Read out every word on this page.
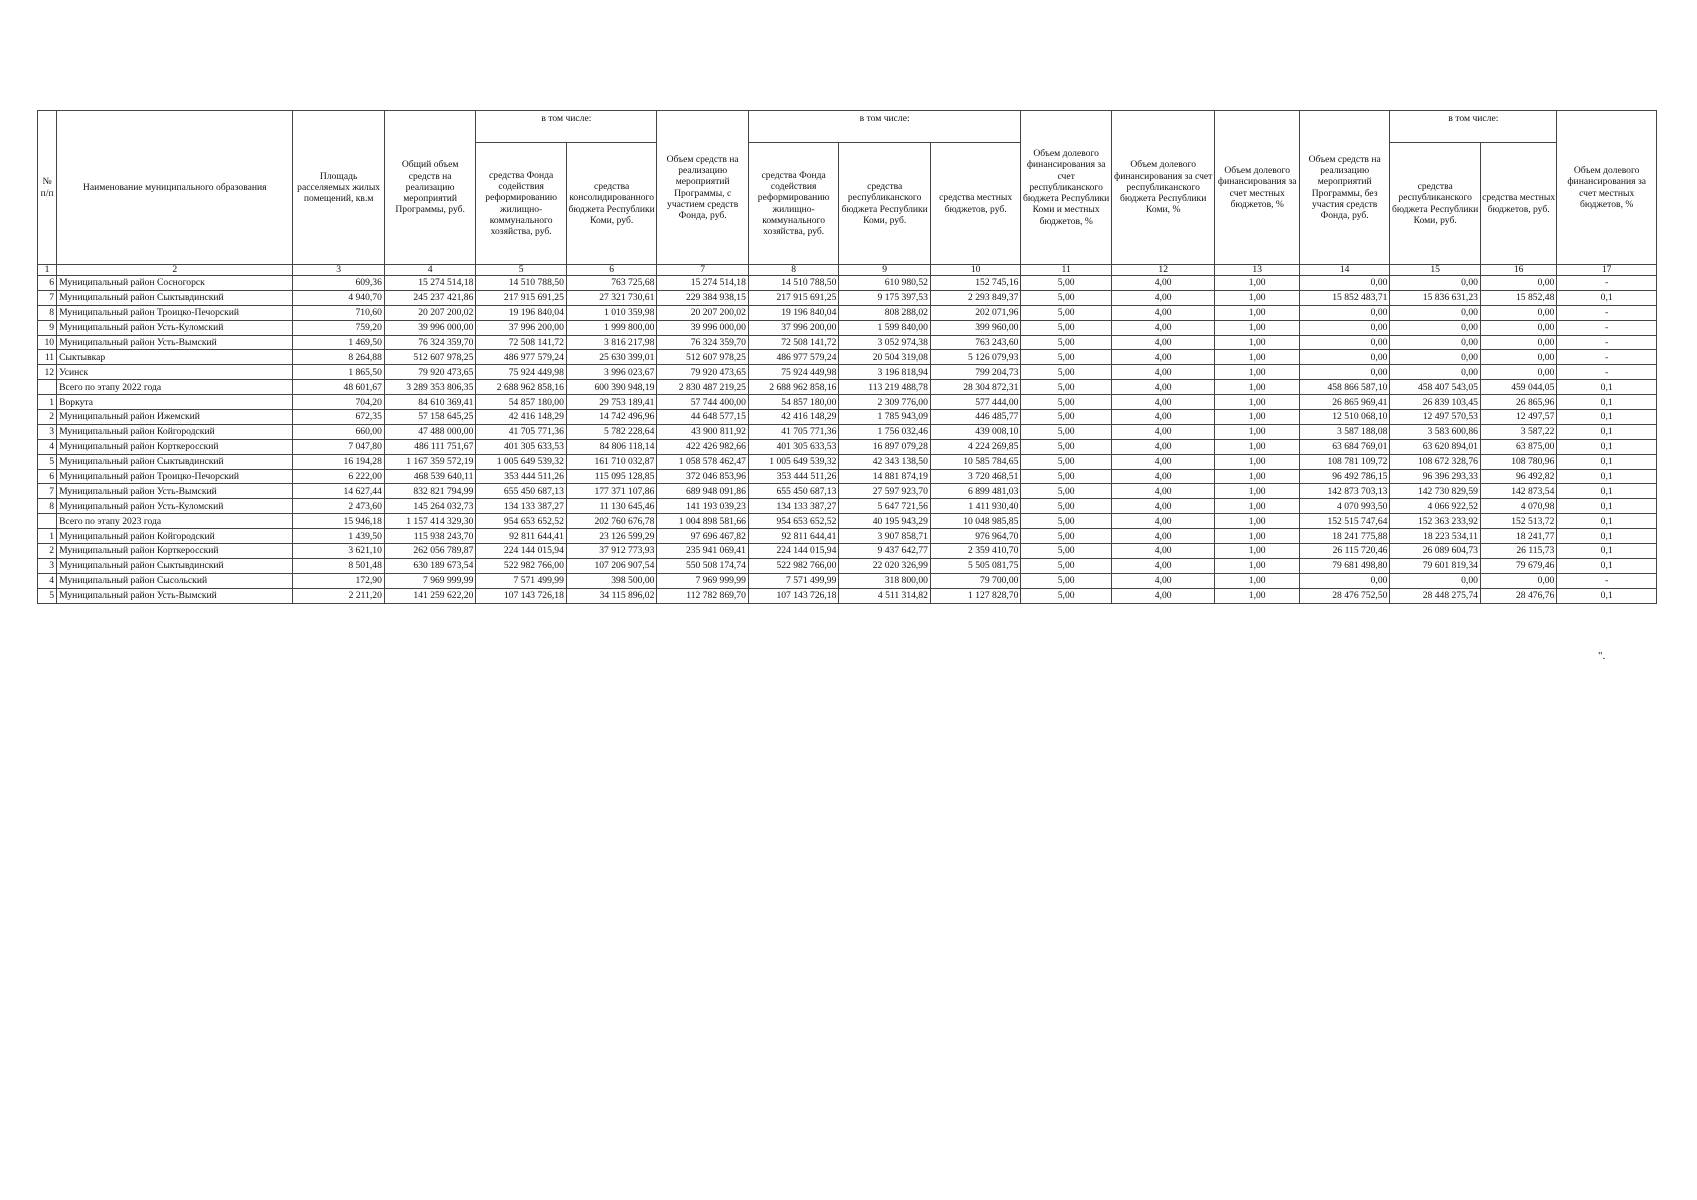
№ п/п	Наименование муниципального образования	Площадь расселяемых жилых помещений, кв.м	Общий объем средств на реализацию мероприятий Программы, руб.	в том числе:		Объем средств на реализацию мероприятий Программы, с участием средств Фонда, руб.	в том числе:			Объем долевого финансирования за счет республиканского бюджета Республики Коми и местных бюджетов, %	Объем долевого финансирования за счет республиканского бюджета Республики Коми, %	Объем долевого финансирования за счет местных бюджетов, %	Объем средств на реализацию мероприятий Программы, без участия средств Фонда, руб.	в том числе:		Объем долевого финансирования за счет местных бюджетов, %
				средства Фонда содействия реформированию жилищно-коммунального хозяйства, руб.	средства консолидированного бюджета Республики Коми, руб.		средства Фонда содействия реформированию жилищно-коммунального хозяйства, руб.	средства республиканского бюджета Республики Коми, руб.	средства местных бюджетов, руб.					средства республиканского бюджета Республики Коми, руб.	средства местных бюджетов, руб.	
1	2	3	4	5	6	7	8	9	10	11	12	13	14	15	16	17
6	Муниципальный район Сосногорск	609,36	15 274 514,18	14 510 788,50	763 725,68	15 274 514,18	14 510 788,50	610 980,52	152 745,16	5,00	4,00	1,00	0,00	0,00	0,00	-
7	Муниципальный район Сыктывдинский	4 940,70	245 237 421,86	217 915 691,25	27 321 730,61	229 384 938,15	217 915 691,25	9 175 397,53	2 293 849,37	5,00	4,00	1,00	15 852 483,71	15 836 631,23	15 852,48	0,1
8	Муниципальный район Троицко-Печорский	710,60	20 207 200,02	19 196 840,04	1 010 359,98	20 207 200,02	19 196 840,04	808 288,02	202 071,96	5,00	4,00	1,00	0,00	0,00	0,00	-
9	Муниципальный район Усть-Куломский	759,20	39 996 000,00	37 996 200,00	1 999 800,00	39 996 000,00	37 996 200,00	1 599 840,00	399 960,00	5,00	4,00	1,00	0,00	0,00	0,00	-
10	Муниципальный район Усть-Вымский	1 469,50	76 324 359,70	72 508 141,72	3 816 217,98	76 324 359,70	72 508 141,72	3 052 974,38	763 243,60	5,00	4,00	1,00	0,00	0,00	0,00	-
11	Сыктывкар	8 264,88	512 607 978,25	486 977 579,24	25 630 399,01	512 607 978,25	486 977 579,24	20 504 319,08	5 126 079,93	5,00	4,00	1,00	0,00	0,00	0,00	-
12	Усинск	1 865,50	79 920 473,65	75 924 449,98	3 996 023,67	79 920 473,65	75 924 449,98	3 196 818,94	799 204,73	5,00	4,00	1,00	0,00	0,00	0,00	-
	Всего по этапу 2022 года	48 601,67	3 289 353 806,35	2 688 962 858,16	600 390 948,19	2 830 487 219,25	2 688 962 858,16	113 219 488,78	28 304 872,31	5,00	4,00	1,00	458 866 587,10	458 407 543,05	459 044,05	0,1
1	Воркута	704,20	84 610 369,41	54 857 180,00	29 753 189,41	57 744 400,00	54 857 180,00	2 309 776,00	577 444,00	5,00	4,00	1,00	26 865 969,41	26 839 103,45	26 865,96	0,1
2	Муниципальный район Ижемский	672,35	57 158 645,25	42 416 148,29	14 742 496,96	44 648 577,15	42 416 148,29	1 785 943,09	446 485,77	5,00	4,00	1,00	12 510 068,10	12 497 570,53	12 497,57	0,1
3	Муниципальный район Койгородский	660,00	47 488 000,00	41 705 771,36	5 782 228,64	43 900 811,92	41 705 771,36	1 756 032,46	439 008,10	5,00	4,00	1,00	3 587 188,08	3 583 600,86	3 587,22	0,1
4	Муниципальный район Корткеросский	7 047,80	486 111 751,67	401 305 633,53	84 806 118,14	422 426 982,66	401 305 633,53	16 897 079,28	4 224 269,85	5,00	4,00	1,00	63 684 769,01	63 620 894,01	63 875,00	0,1
5	Муниципальный район Сыктывдинский	16 194,28	1 167 359 572,19	1 005 649 539,32	161 710 032,87	1 058 578 462,47	1 005 649 539,32	42 343 138,50	10 585 784,65	5,00	4,00	1,00	108 781 109,72	108 672 328,76	108 780,96	0,1
6	Муниципальный район Троицко-Печорский	6 222,00	468 539 640,11	353 444 511,26	115 095 128,85	372 046 853,96	353 444 511,26	14 881 874,19	3 720 468,51	5,00	4,00	1,00	96 492 786,15	96 396 293,33	96 492,82	0,1
7	Муниципальный район Усть-Вымский	14 627,44	832 821 794,99	655 450 687,13	177 371 107,86	689 948 091,86	655 450 687,13	27 597 923,70	6 899 481,03	5,00	4,00	1,00	142 873 703,13	142 730 829,59	142 873,54	0,1
8	Муниципальный район Усть-Куломский	2 473,60	145 264 032,73	134 133 387,27	11 130 645,46	141 193 039,23	134 133 387,27	5 647 721,56	1 411 930,40	5,00	4,00	1,00	4 070 993,50	4 066 922,52	4 070,98	0,1
	Всего по этапу 2023 года	15 946,18	1 157 414 329,30	954 653 652,52	202 760 676,78	1 004 898 581,66	954 653 652,52	40 195 943,29	10 048 985,85	5,00	4,00	1,00	152 515 747,64	152 363 233,92	152 513,72	0,1
1	Муниципальный район Койгородский	1 439,50	115 938 243,70	92 811 644,41	23 126 599,29	97 696 467,82	92 811 644,41	3 907 858,71	976 964,70	5,00	4,00	1,00	18 241 775,88	18 223 534,11	18 241,77	0,1
2	Муниципальный район Корткеросский	3 621,10	262 056 789,87	224 144 015,94	37 912 773,93	235 941 069,41	224 144 015,94	9 437 642,77	2 359 410,70	5,00	4,00	1,00	26 115 720,46	26 089 604,73	26 115,73	0,1
3	Муниципальный район Сыктывдинский	8 501,48	630 189 673,54	522 982 766,00	107 206 907,54	550 508 174,74	522 982 766,00	22 020 326,99	5 505 081,75	5,00	4,00	1,00	79 681 498,80	79 601 819,34	79 679,46	0,1
4	Муниципальный район Сысольский	172,90	7 969 999,99	7 571 499,99	398 500,00	7 969 999,99	7 571 499,99	318 800,00	79 700,00	5,00	4,00	1,00	0,00	0,00	0,00	-
5	Муниципальный район Усть-Вымский	2 211,20	141 259 622,20	107 143 726,18	34 115 896,02	112 782 869,70	107 143 726,18	4 511 314,82	1 127 828,70	5,00	4,00	1,00	28 476 752,50	28 448 275,74	28 476,76	0,1
".
